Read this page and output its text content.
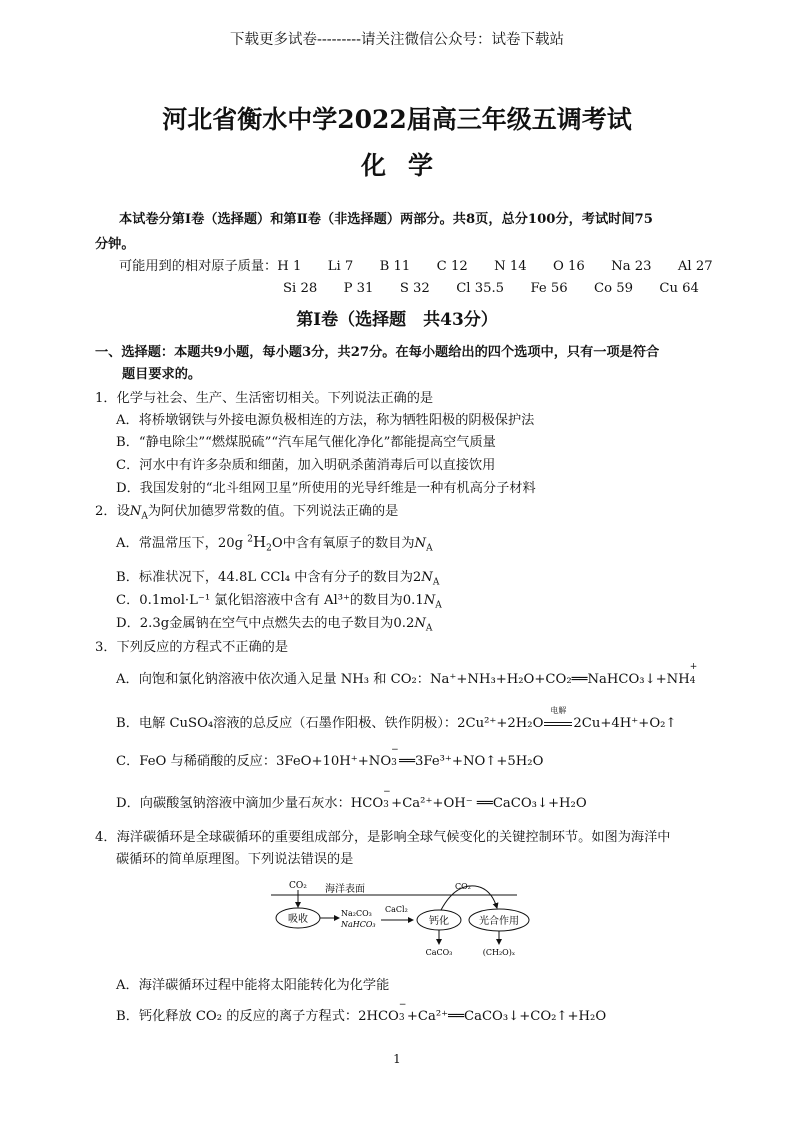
下载更多试卷---------请关注微信公众号：试卷下载站
河北省衡水中学2022届高三年级五调考试
化学
本试卷分第Ⅰ卷（选择题）和第Ⅱ卷（非选择题）两部分。共8页，总分100分，考试时间75
分钟。
可能用到的相对原子质量：H 1　　Li 7　　B 11　　C 12　　N 14　　O 16　　Na 23　　Al 27
Si 28　　P 31　　S 32　　Cl 35.5　　Fe 56　　Co 59　　Cu 64
第Ⅰ卷（选择题　共43分）
一、选择题：本题共9小题，每小题3分，共27分。在每小题给出的四个选项中，只有一项是符合
题目要求的。
1．化学与社会、生产、生活密切相关。下列说法正确的是
A．将桥墩钢铁与外接电源负极相连的方法，称为牺牲阳极的阴极保护法
B．“静电除尘”“燃煤脱硫”“汽车尾气催化净化”都能提高空气质量
C．河水中有许多杂质和细菌，加入明矾杀菌消毒后可以直接饮用
D．我国发射的“北斗组网卫星”所使用的光导纤维是一种有机高分子材料
2．设$N_A$为阿伏加德罗常数的值。下列说法正确的是
A．常温常压下，20g $^2H_2O$中含有氧原子的数目为$N_A$
B．标准状况下，44.8L CCl₄ 中含有分子的数目为$2N_A$
C．0.1mol·L⁻¹ 氯化铝溶液中含有 Al³⁺的数目为$0.1N_A$
D．2.3g金属钠在空气中点燃失去的电子数目为$0.2N_A$
3．下列反应的方程式不正确的是
A．向饱和氯化钠溶液中依次通入足量 NH₃ 和 CO₂：Na⁺+NH₃+H₂O+CO₂══NaHCO₃↓+NH
+
4
B．电解 CuSO₄溶液的总反应（石墨作阳极、铁作阴极）：2Cu²⁺+2H₂O
电解
2Cu+4H⁺+O₂↑
C．FeO 与稀硝酸的反应：3FeO+10H⁺+NO
−
3 ══3Fe³⁺+NO↑+5H₂O
D．向碳酸氢钠溶液中滴加少量石灰水：HCO
−
3 +Ca²⁺+OH⁻ ══CaCO₃↓+H₂O
4．海洋碳循环是全球碳循环的重要组成部分，是影响全球气候变化的关键控制环节。如图为海洋中
碳循环的简单原理图。下列说法错误的是
CO₂ 海洋表面
吸收
Na₂CO₃
NaHCO₃
CaCl₂
钙化
CaCO₃
CO₂
光合作用
(CH₂O)ₓ
A．海洋碳循环过程中能将太阳能转化为化学能
B．钙化释放 CO₂ 的反应的离子方程式：2HCO
−
3 +Ca²⁺══CaCO₃↓+CO₂↑+H₂O
1
